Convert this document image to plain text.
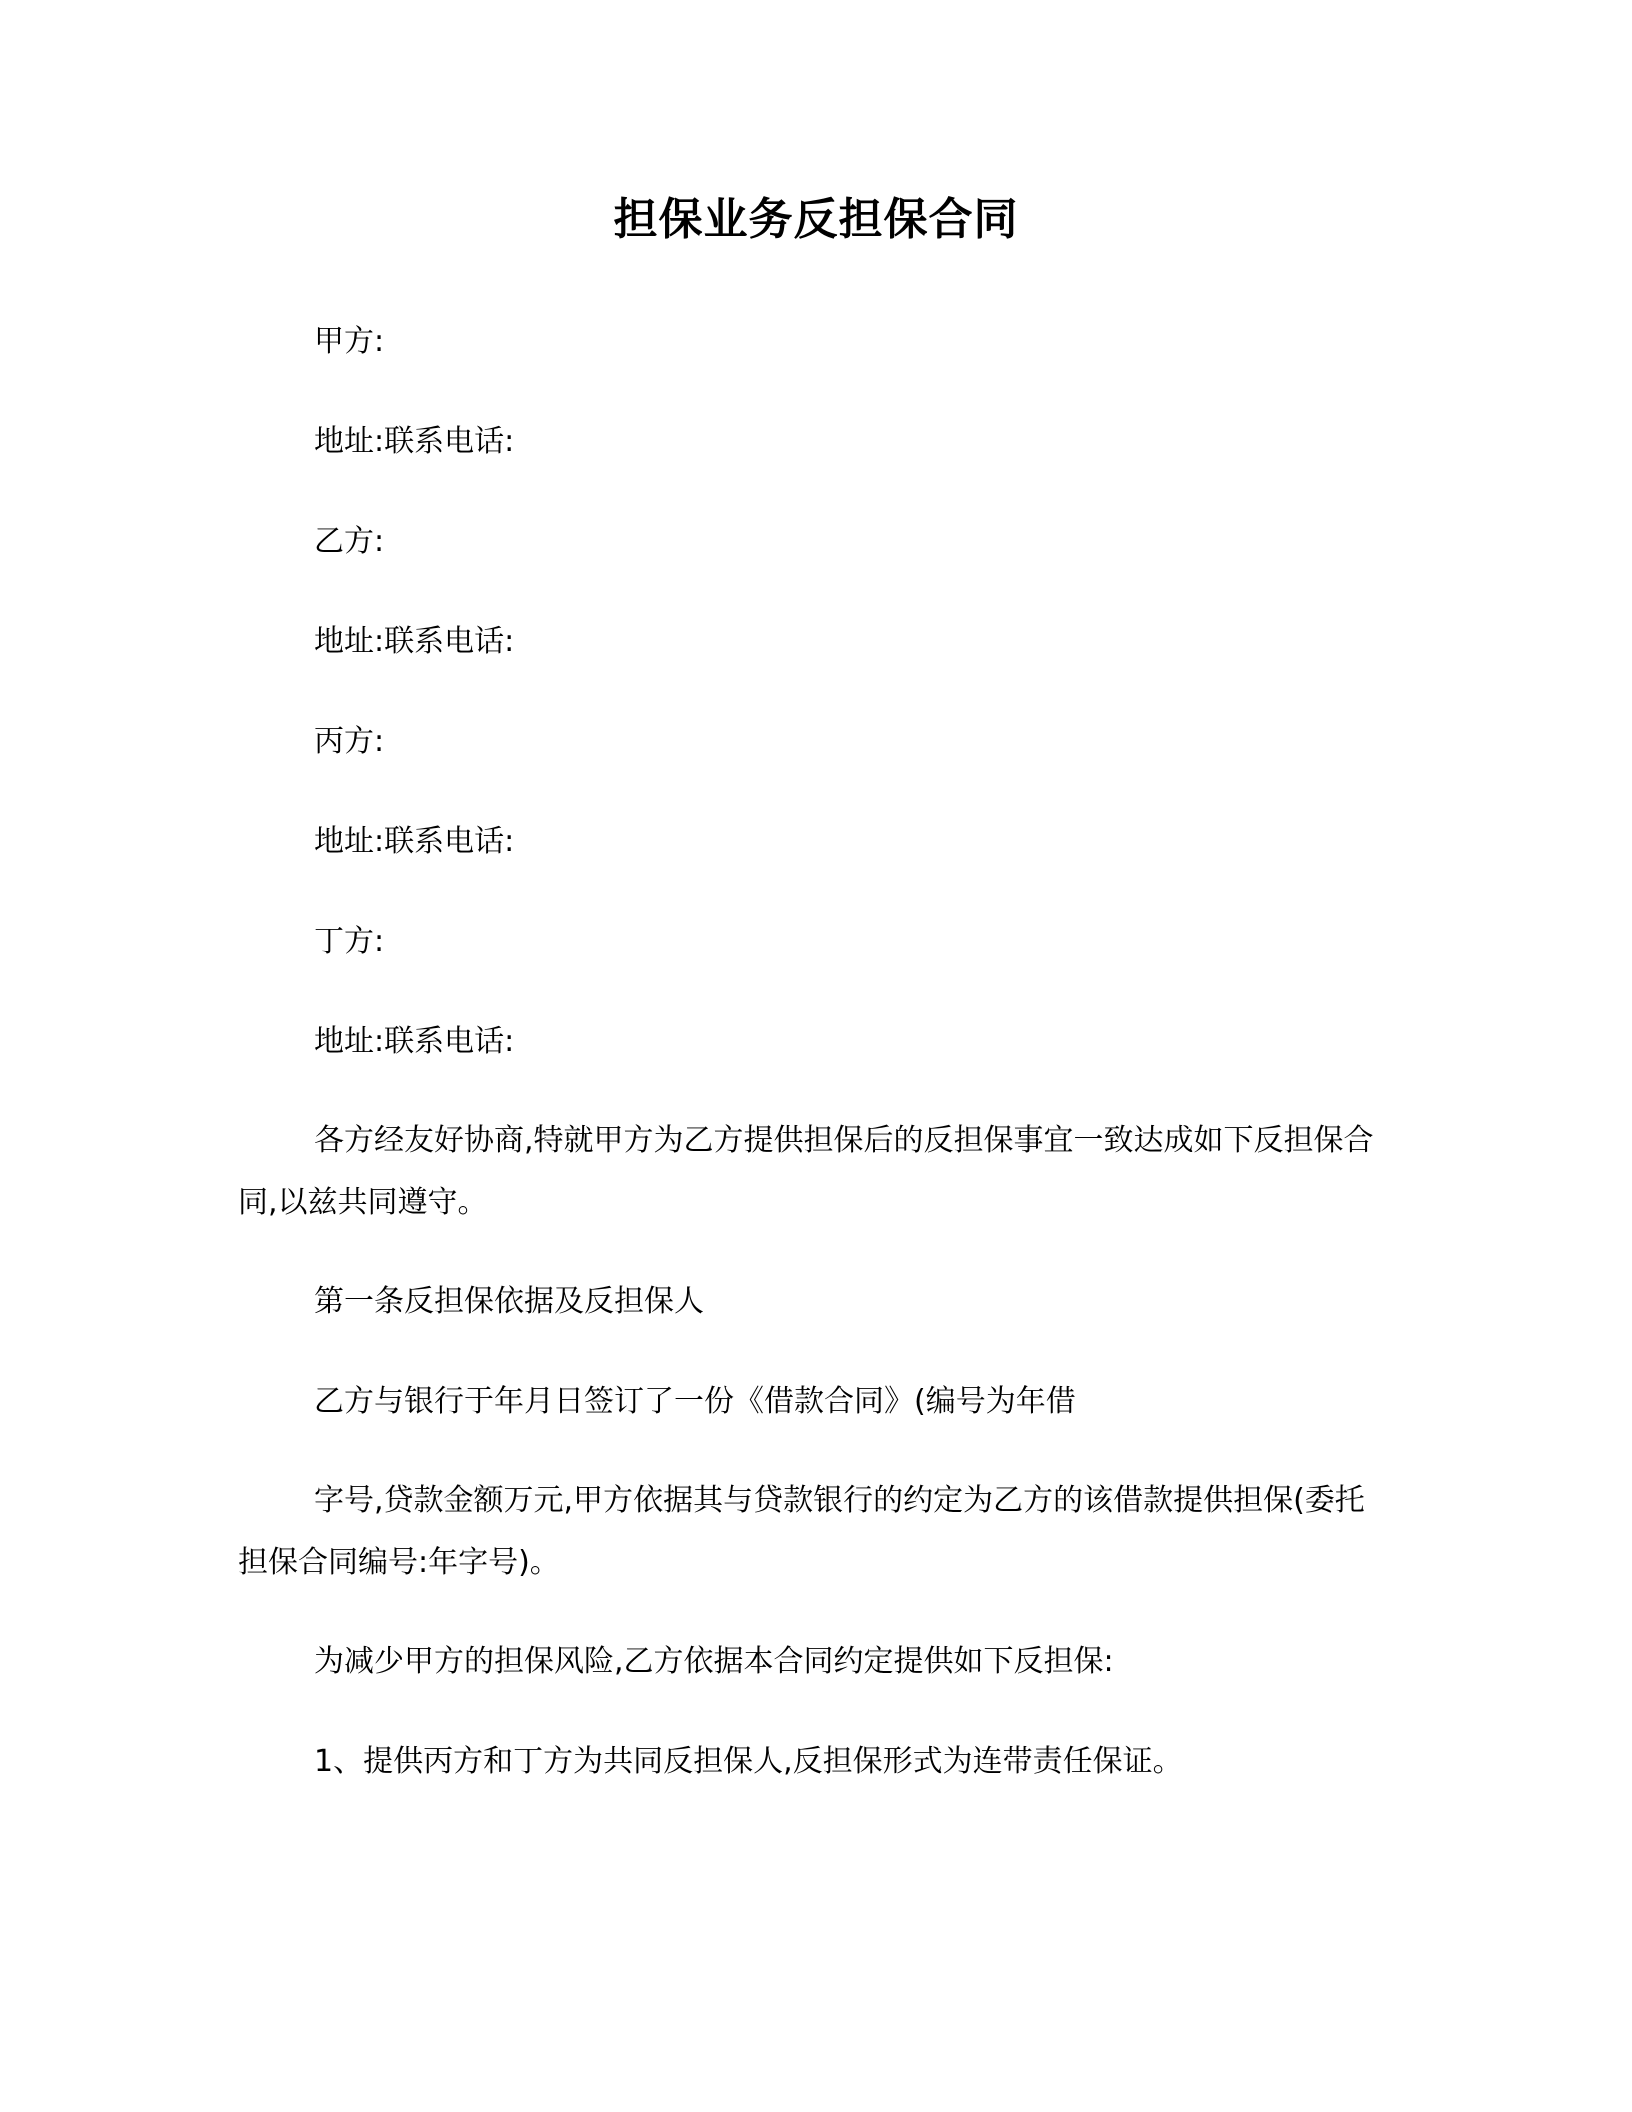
担保业务反担保合同

甲方:

地址:联系电话:

乙方:

地址:联系电话:

丙方:

地址:联系电话:

丁方:

地址:联系电话:

各方经友好协商,特就甲方为乙方提供担保后的反担保事宜一致达成如下反担保合同,以兹共同遵守。

第一条反担保依据及反担保人

乙方与银行于年月日签订了一份《借款合同》(编号为年借

字号,贷款金额万元,甲方依据其与贷款银行的约定为乙方的该借款提供担保(委托担保合同编号:年字号)。

为减少甲方的担保风险,乙方依据本合同约定提供如下反担保:

1、提供丙方和丁方为共同反担保人,反担保形式为连带责任保证。
